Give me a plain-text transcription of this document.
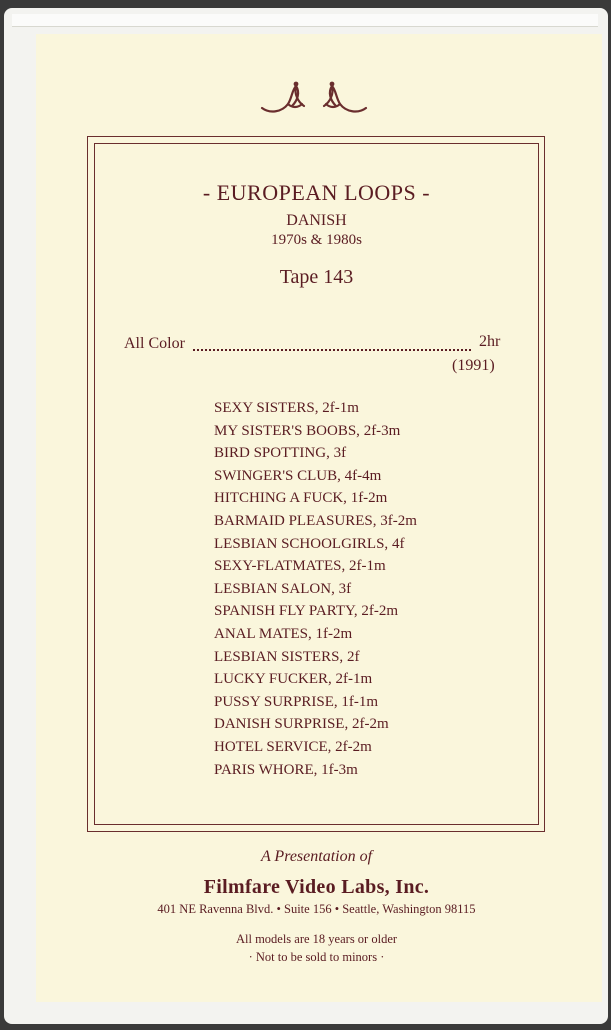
- EUROPEAN LOOPS -
DANISH
1970s & 1980s
Tape 143
All Color	2hr
(1991)
SEXY SISTERS, 2f-1m
MY SISTER'S BOOBS, 2f-3m
BIRD SPOTTING, 3f
SWINGER'S CLUB, 4f-4m
HITCHING A FUCK, 1f-2m
BARMAID PLEASURES, 3f-2m
LESBIAN SCHOOLGIRLS, 4f
SEXY-FLATMATES, 2f-1m
LESBIAN SALON, 3f
SPANISH FLY PARTY, 2f-2m
ANAL MATES, 1f-2m
LESBIAN SISTERS, 2f
LUCKY FUCKER, 2f-1m
PUSSY SURPRISE, 1f-1m
DANISH SURPRISE, 2f-2m
HOTEL SERVICE, 2f-2m
PARIS WHORE, 1f-3m
A Presentation of
Filmfare Video Labs, Inc.
401 NE Ravenna Blvd. • Suite 156 • Seattle, Washington 98115
All models are 18 years or older
· Not to be sold to minors ·
